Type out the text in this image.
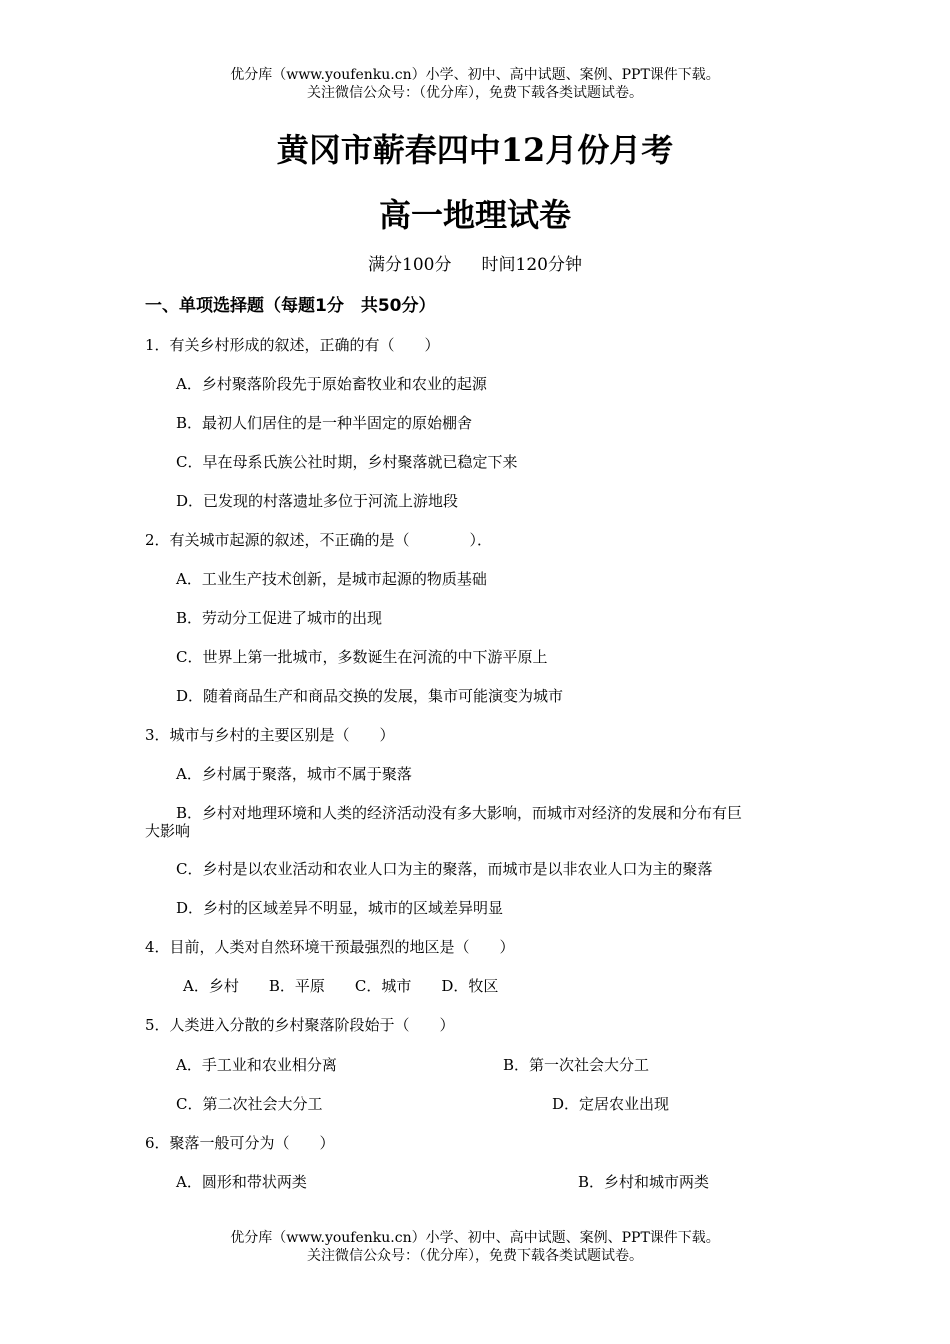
优分库（www.youfenku.cn）小学、初中、高中试题、案例、PPT课件下载。
关注微信公众号：（优分库），免费下载各类试题试卷。
黄冈市蕲春四中12月份月考
高一地理试卷
满分100分 时间120分钟
一、单项选择题（每题1分　共50分）
1．有关乡村形成的叙述，正确的有（　　）
A．乡村聚落阶段先于原始畜牧业和农业的起源
B．最初人们居住的是一种半固定的原始棚舍
C．早在母系氏族公社时期，乡村聚落就已稳定下来
D．已发现的村落遗址多位于河流上游地段
2．有关城市起源的叙述，不正确的是（　　　　）．
A．工业生产技术创新，是城市起源的物质基础
B．劳动分工促进了城市的出现
C．世界上第一批城市，多数诞生在河流的中下游平原上
D．随着商品生产和商品交换的发展，集市可能演变为城市
3．城市与乡村的主要区别是（　　）
A．乡村属于聚落，城市不属于聚落
B．乡村对地理环境和人类的经济活动没有多大影响，而城市对经济的发展和分布有巨
大影响
C．乡村是以农业活动和农业人口为主的聚落，而城市是以非农业人口为主的聚落
D．乡村的区域差异不明显，城市的区域差异明显
4．目前，人类对自然环境干预最强烈的地区是（　　）
A．乡村　　B．平原　　C．城市　　D．牧区
5．人类进入分散的乡村聚落阶段始于（　　）
A．手工业和农业相分离	B．第一次社会大分工
C．第二次社会大分工	D．定居农业出现
6．聚落一般可分为（　　）
A．圆形和带状两类	B．乡村和城市两类
优分库（www.youfenku.cn）小学、初中、高中试题、案例、PPT课件下载。
关注微信公众号：（优分库），免费下载各类试题试卷。
